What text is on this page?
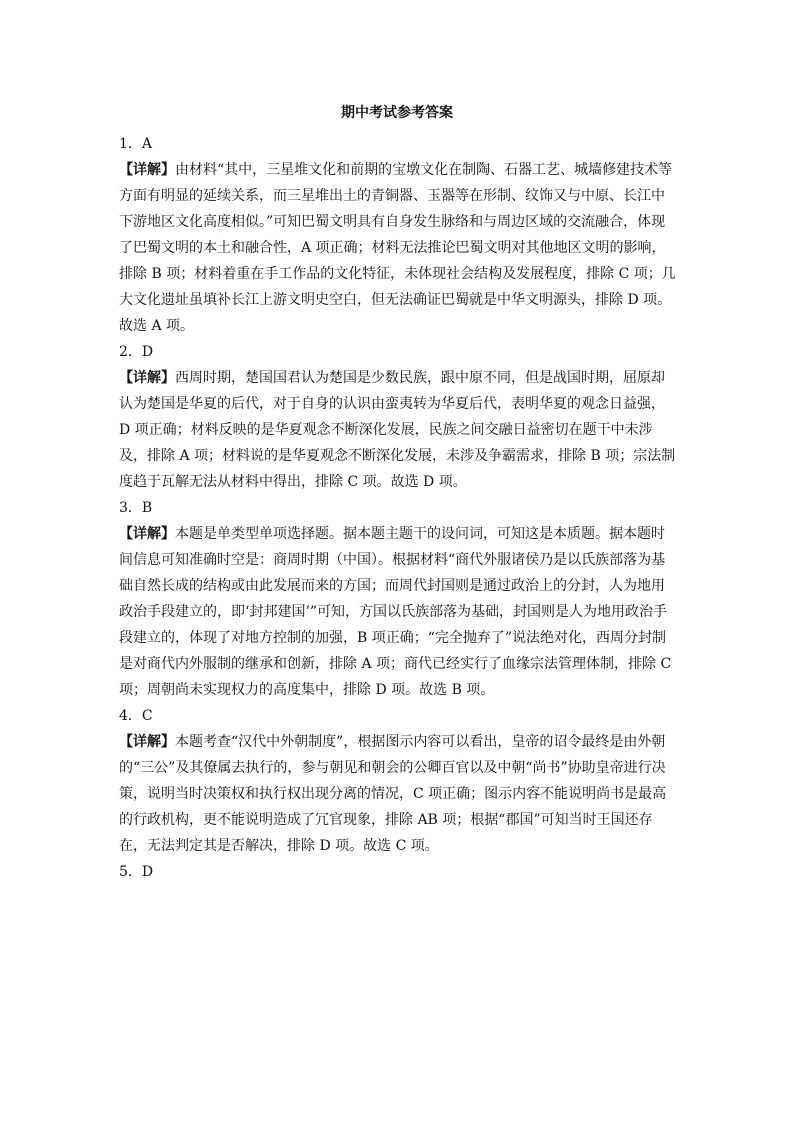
期中考试参考答案
1．A
【详解】由材料“其中，三星堆文化和前期的宝墩文化在制陶、石器工艺、城墙修建技术等
方面有明显的延续关系，而三星堆出土的青铜器、玉器等在形制、纹饰又与中原、长江中
下游地区文化高度相似。”可知巴蜀文明具有自身发生脉络和与周边区域的交流融合，体现
了巴蜀文明的本土和融合性，A 项正确；材料无法推论巴蜀文明对其他地区文明的影响，
排除 B 项；材料着重在手工作品的文化特征，未体现社会结构及发展程度，排除 C 项；几
大文化遗址虽填补长江上游文明史空白，但无法确证巴蜀就是中华文明源头，排除 D 项。
故选 A 项。
2．D
【详解】西周时期，楚国国君认为楚国是少数民族，跟中原不同，但是战国时期，屈原却
认为楚国是华夏的后代，对于自身的认识由蛮夷转为华夏后代，表明华夏的观念日益强，
D 项正确；材料反映的是华夏观念不断深化发展，民族之间交融日益密切在题干中未涉
及，排除 A 项；材料说的是华夏观念不断深化发展，未涉及争霸需求，排除 B 项；宗法制
度趋于瓦解无法从材料中得出，排除 C 项。故选 D 项。
3．B
【详解】本题是单类型单项选择题。据本题主题干的设问词，可知这是本质题。据本题时
间信息可知准确时空是：商周时期（中国）。根据材料“商代外服诸侯乃是以氏族部落为基
础自然长成的结构或由此发展而来的方国；而周代封国则是通过政治上的分封，人为地用
政治手段建立的，即‘封邦建国’”可知，方国以氏族部落为基础，封国则是人为地用政治手
段建立的，体现了对地方控制的加强，B 项正确；“完全抛弃了”说法绝对化，西周分封制
是对商代内外服制的继承和创新，排除 A 项；商代已经实行了血缘宗法管理体制，排除 C
项；周朝尚未实现权力的高度集中，排除 D 项。故选 B 项。
4．C
【详解】本题考查“汉代中外朝制度”，根据图示内容可以看出，皇帝的诏令最终是由外朝
的“三公”及其僚属去执行的，参与朝见和朝会的公卿百官以及中朝“尚书”协助皇帝进行决
策，说明当时决策权和执行权出现分离的情况，C 项正确；图示内容不能说明尚书是最高
的行政机构，更不能说明造成了冗官现象，排除 AB 项；根据“郡国”可知当时王国还存
在，无法判定其是否解决，排除 D 项。故选 C 项。
5．D
